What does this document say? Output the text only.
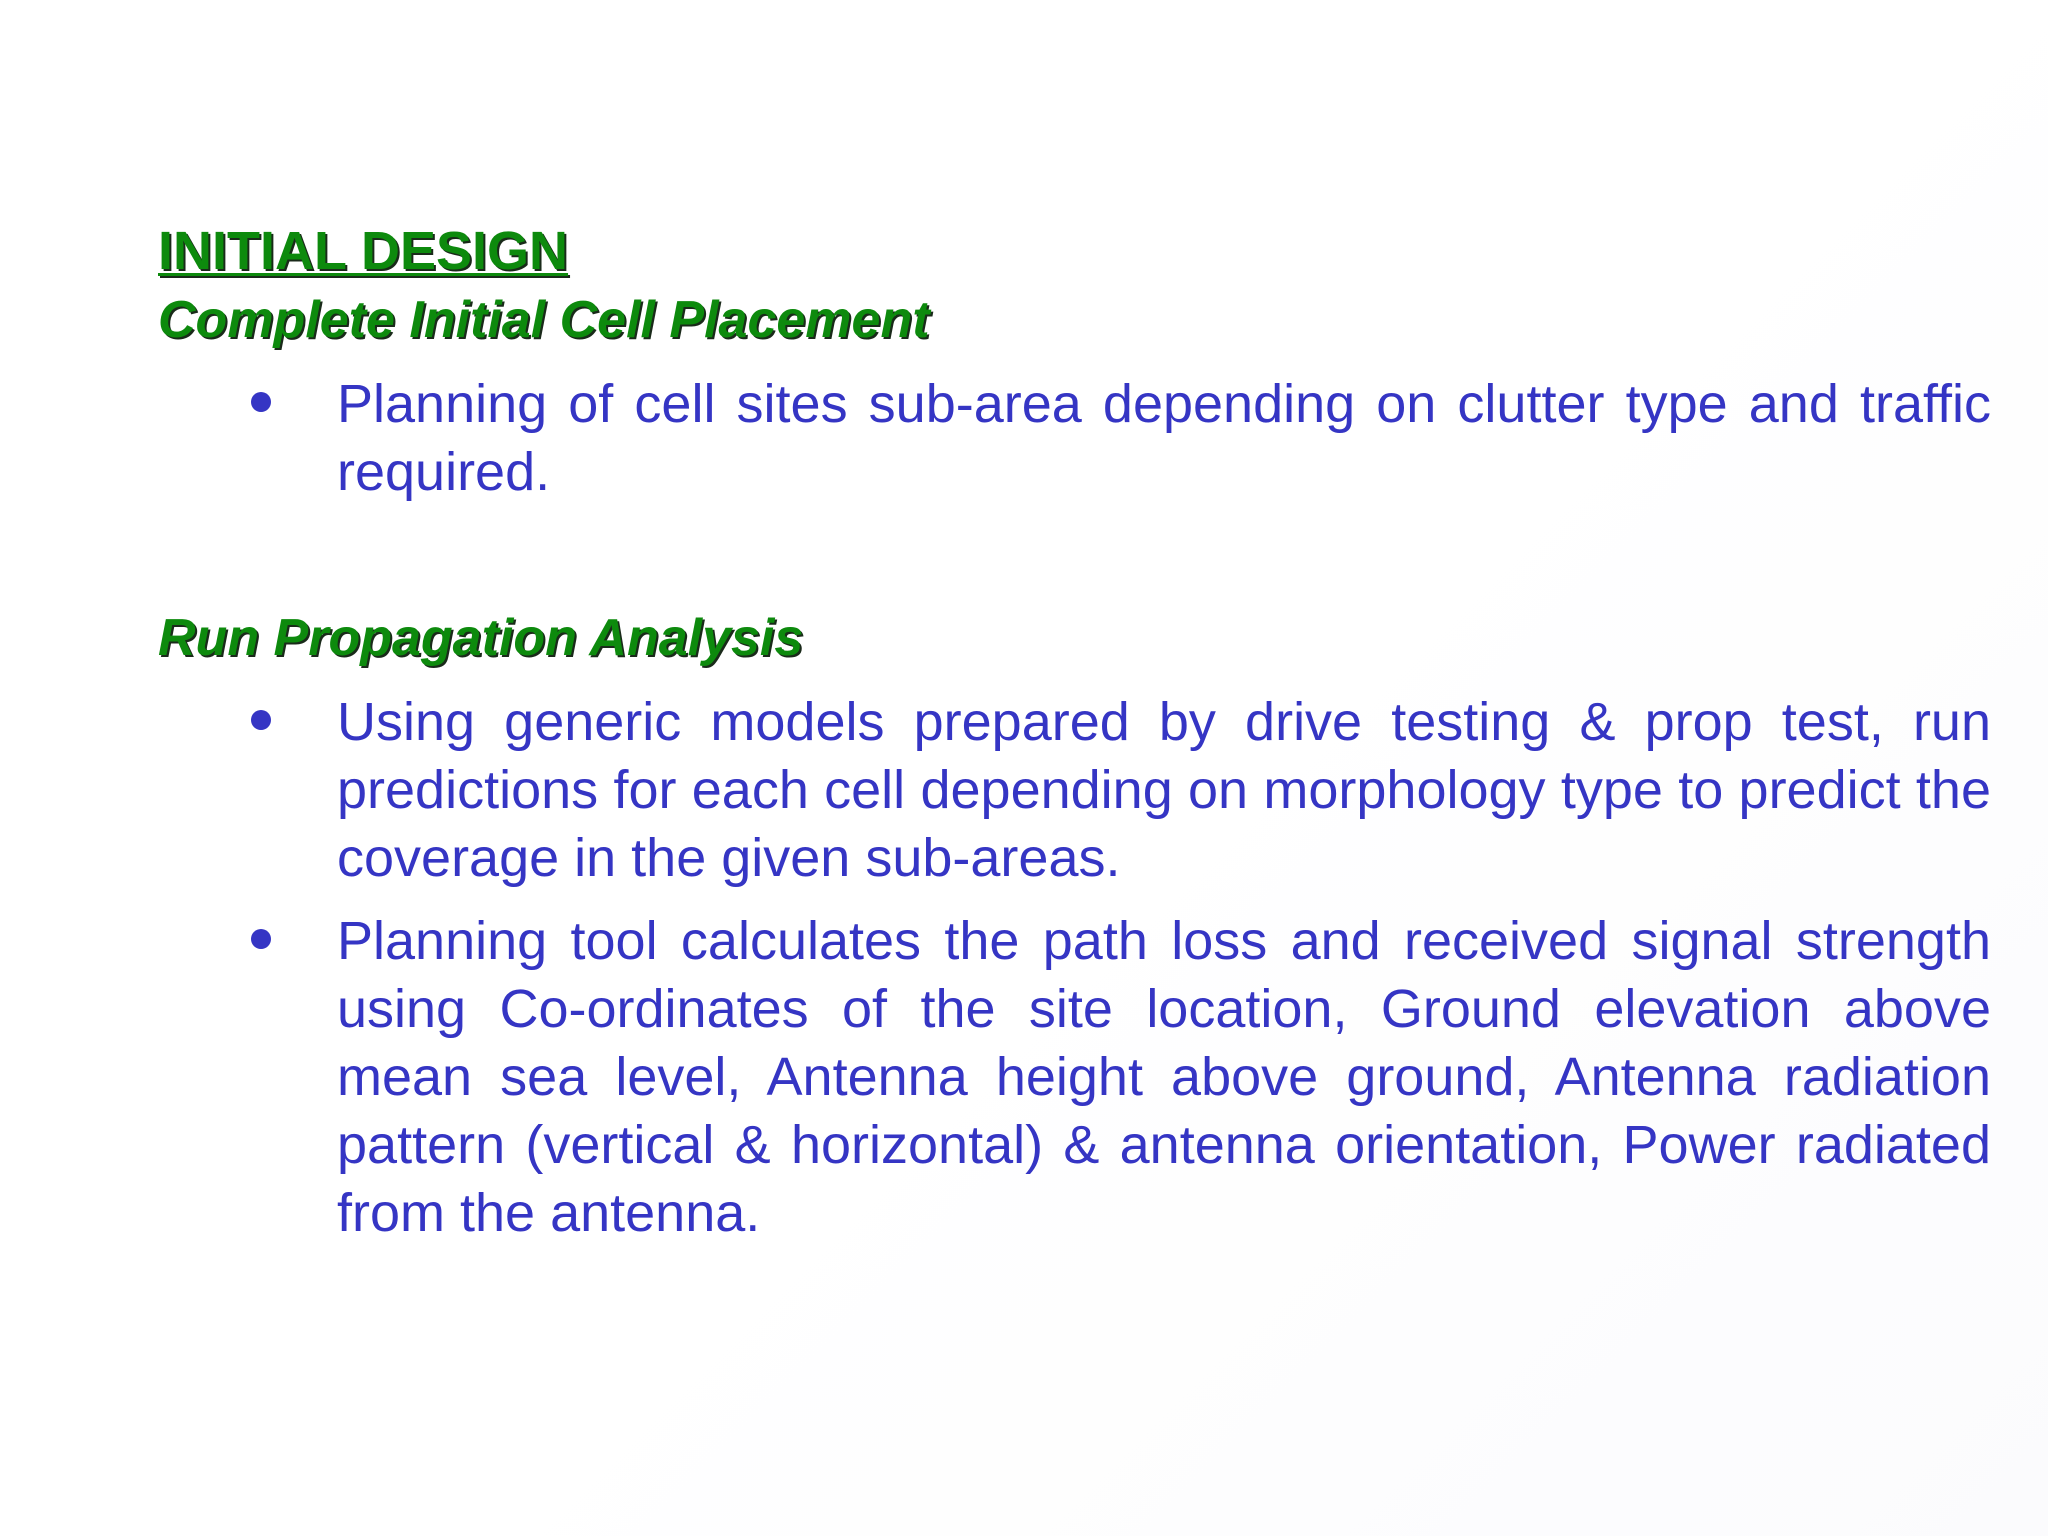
INITIAL DESIGN
Complete Initial Cell Placement

Planning of cell sites sub-area depending on clutter type and traffic required.

Run Propagation Analysis

Using generic models prepared by drive testing & prop test, run predictions for each cell depending on morphology type to predict the coverage in the given sub-areas.

Planning tool calculates the path loss and received signal strength using Co-ordinates of the site location, Ground elevation above mean sea level, Antenna height above ground, Antenna radiation pattern (vertical & horizontal) & antenna orientation, Power radiated from the antenna.
